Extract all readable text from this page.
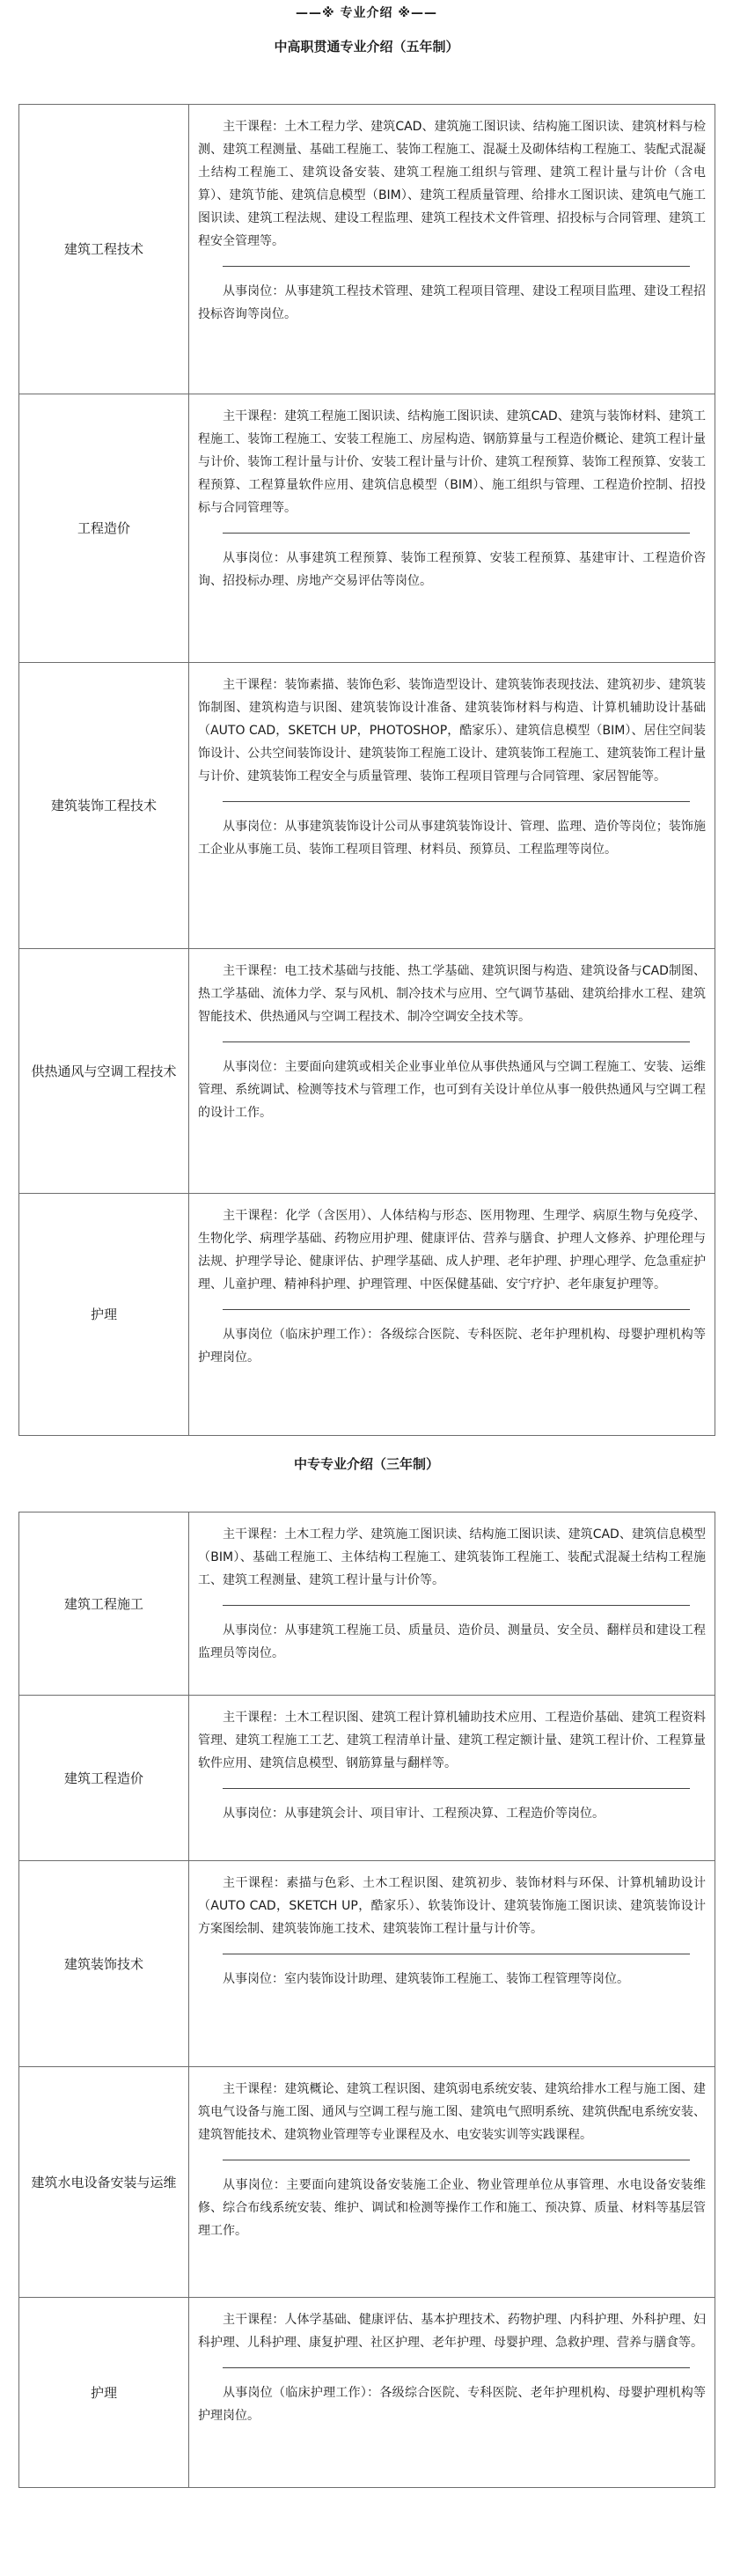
——※ 专业介绍 ※——
中高职贯通专业介绍（五年制）
建筑工程技术	主干课程：土木工程力学、建筑CAD、建筑施工图识读、结构施工图识读、建筑材料与检测、建筑工程测量、基础工程施工、装饰工程施工、混凝土及砌体结构工程施工、装配式混凝土结构工程施工、建筑设备安装、建筑工程施工组织与管理、建筑工程计量与计价（含电算）、建筑节能、建筑信息模型（BIM）、建筑工程质量管理、给排水工图识读、建筑电气施工图识读、建筑工程法规、建设工程监理、建筑工程技术文件管理、招投标与合同管理、建筑工程安全管理等。

从事岗位：从事建筑工程技术管理、建筑工程项目管理、建设工程项目监理、建设工程招投标咨询等岗位。

工程造价	主干课程：建筑工程施工图识读、结构施工图识读、建筑CAD、建筑与装饰材料、建筑工程施工、装饰工程施工、安装工程施工、房屋构造、钢筋算量与工程造价概论、建筑工程计量与计价、装饰工程计量与计价、安装工程计量与计价、建筑工程预算、装饰工程预算、安装工程预算、工程算量软件应用、建筑信息模型（BIM）、施工组织与管理、工程造价控制、招投标与合同管理等。

从事岗位：从事建筑工程预算、装饰工程预算、安装工程预算、基建审计、工程造价咨询、招投标办理、房地产交易评估等岗位。

建筑装饰工程技术	主干课程：装饰素描、装饰色彩、装饰造型设计、建筑装饰表现技法、建筑初步、建筑装饰制图、建筑构造与识图、建筑装饰设计准备、建筑装饰材料与构造、计算机辅助设计基础（AUTO CAD，SKETCH UP，PHOTOSHOP，酷家乐）、建筑信息模型（BIM）、居住空间装饰设计、公共空间装饰设计、建筑装饰工程施工设计、建筑装饰工程施工、建筑装饰工程计量与计价、建筑装饰工程安全与质量管理、装饰工程项目管理与合同管理、家居智能等。

从事岗位：从事建筑装饰设计公司从事建筑装饰设计、管理、监理、造价等岗位；装饰施工企业从事施工员、装饰工程项目管理、材料员、预算员、工程监理等岗位。

供热通风与空调工程技术	主干课程：电工技术基础与技能、热工学基础、建筑识图与构造、建筑设备与CAD制图、热工学基础、流体力学、泵与风机、制冷技术与应用、空气调节基础、建筑给排水工程、建筑智能技术、供热通风与空调工程技术、制冷空调安全技术等。

从事岗位：主要面向建筑或相关企业事业单位从事供热通风与空调工程施工、安装、运维管理、系统调试、检测等技术与管理工作，也可到有关设计单位从事一般供热通风与空调工程的设计工作。

护理	主干课程：化学（含医用）、人体结构与形态、医用物理、生理学、病原生物与免疫学、生物化学、病理学基础、药物应用护理、健康评估、营养与膳食、护理人文修养、护理伦理与法规、护理学导论、健康评估、护理学基础、成人护理、老年护理、护理心理学、危急重症护理、儿童护理、精神科护理、护理管理、中医保健基础、安宁疗护、老年康复护理等。

从事岗位（临床护理工作）：各级综合医院、专科医院、老年护理机构、母婴护理机构等护理岗位。

中专专业介绍（三年制）
建筑工程施工	主干课程：土木工程力学、建筑施工图识读、结构施工图识读、建筑CAD、建筑信息模型（BIM）、基础工程施工、主体结构工程施工、建筑装饰工程施工、装配式混凝土结构工程施工、建筑工程测量、建筑工程计量与计价等。

从事岗位：从事建筑工程施工员、质量员、造价员、测量员、安全员、翻样员和建设工程监理员等岗位。

建筑工程造价	主干课程：土木工程识图、建筑工程计算机辅助技术应用、工程造价基础、建筑工程资料管理、建筑工程施工工艺、建筑工程清单计量、建筑工程定额计量、建筑工程计价、工程算量软件应用、建筑信息模型、钢筋算量与翻样等。

从事岗位：从事建筑会计、项目审计、工程预决算、工程造价等岗位。

建筑装饰技术	主干课程：素描与色彩、土木工程识图、建筑初步、装饰材料与环保、计算机辅助设计（AUTO CAD，SKETCH UP，酷家乐）、软装饰设计、建筑装饰施工图识读、建筑装饰设计方案图绘制、建筑装饰施工技术、建筑装饰工程计量与计价等。

从事岗位：室内装饰设计助理、建筑装饰工程施工、装饰工程管理等岗位。

建筑水电设备安装与运维	主干课程：建筑概论、建筑工程识图、建筑弱电系统安装、建筑给排水工程与施工图、建筑电气设备与施工图、通风与空调工程与施工图、建筑电气照明系统、建筑供配电系统安装、建筑智能技术、建筑物业管理等专业课程及水、电安装实训等实践课程。

从事岗位：主要面向建筑设备安装施工企业、物业管理单位从事管理、水电设备安装维修、综合布线系统安装、维护、调试和检测等操作工作和施工、预决算、质量、材料等基层管理工作。

护理	主干课程：人体学基础、健康评估、基本护理技术、药物护理、内科护理、外科护理、妇科护理、儿科护理、康复护理、社区护理、老年护理、母婴护理、急救护理、营养与膳食等。

从事岗位（临床护理工作）：各级综合医院、专科医院、老年护理机构、母婴护理机构等护理岗位。
